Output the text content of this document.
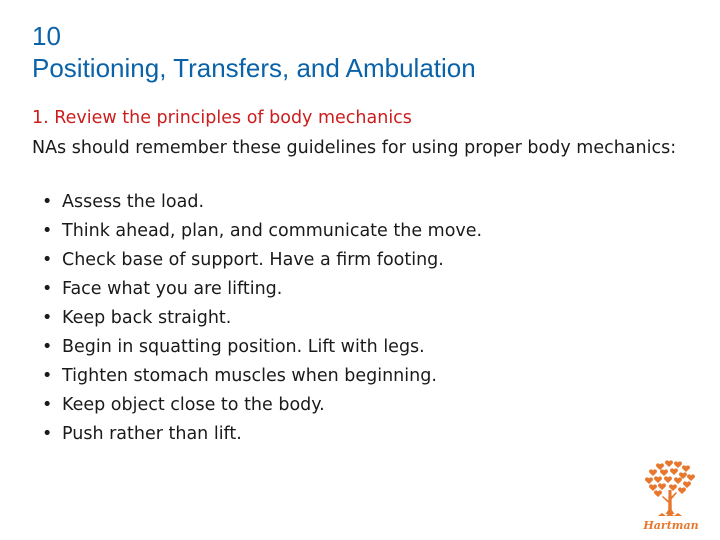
10
Positioning, Transfers, and Ambulation
1. Review the principles of body mechanics

NAs should remember these guidelines for using proper body mechanics:

• Assess the load.
• Think ahead, plan, and communicate the move.
• Check base of support. Have a firm footing.
• Face what you are lifting.
• Keep back straight.
• Begin in squatting position. Lift with legs.
• Tighten stomach muscles when beginning.
• Keep object close to the body.
• Push rather than lift.
Hartman
